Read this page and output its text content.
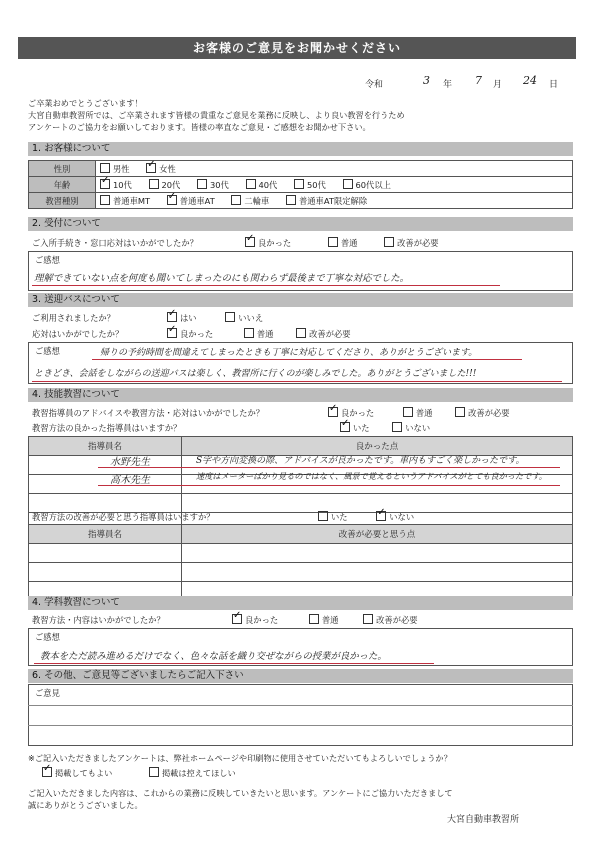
お客様のご意見をお聞かせください
令和	3 年 7 月 24 日
ご卒業おめでとうございます！
大宮自動車教習所では、ご卒業されます皆様の貴重なご意見を業務に反映し、より良い教習を行うため
アンケートのご協力をお願いしております。皆様の率直なご意見・ご感想をお聞かせ下さい。
1. お客様について
性別	男性 ✓ 女性
年齢	✓10代 20代 30代 40代 50代 60代以上
教習種別	普通車MT ✓ 普通車AT 二輪車 普通車AT限定解除
2. 受付について
ご入所手続き・窓口応対はいかがでしたか？ ✓	良かった	普通	改善が必要
ご感想
理解できていない点を何度も聞いてしまったのにも関わらず最後まで丁寧な対応でした。
3. 送迎バスについて
ご利用されましたか？ ✓	はい	いいえ
応対はいかがでしたか？ ✓	良かった	普通	改善が必要
ご感想	帰りの予約時間を間違えてしまったときも丁寧に対応してくださり、ありがとうございます。
ときどき、会話をしながらの送迎バスは楽しく、教習所に行くのが楽しみでした。ありがとうございました!!!
4. 技能教習について
教習指導員のアドバイスや教習方法・応対はいかがでしたか？ ✓	良かった	普通	改善が必要
教習方法の良かった指導員はいますか？ ✓	いた	いない
指導員名	良かった点

水野先生	S字や方向変換の際、アドバイスが良かったです。車内もすごく楽しかったです。
高木先生	速度はメーターばかり見るのではなく、風景で覚えるというアドバイスがとても良かったです。
教習方法の改善が必要と思う指導員はいますか？	いた ✓	いない
指導員名	改善が必要と思う点

4. 学科教習について
教習方法・内容はいかがでしたか？ ✓	良かった	普通	改善が必要
ご感想
教本をただ読み進めるだけでなく、色々な話を織り交ぜながらの授業が良かった。
6. その他、ご意見等ございましたらご記入下さい
ご意見
※ご記入いただきましたアンケートは、弊社ホームページや印刷物に使用させていただいてもよろしいでしょうか？
✓掲載してもよい	掲載は控えてほしい
ご記入いただきました内容は、これからの業務に反映していきたいと思います。アンケートにご協力いただきまして
誠にありがとうございました。
大宮自動車教習所
